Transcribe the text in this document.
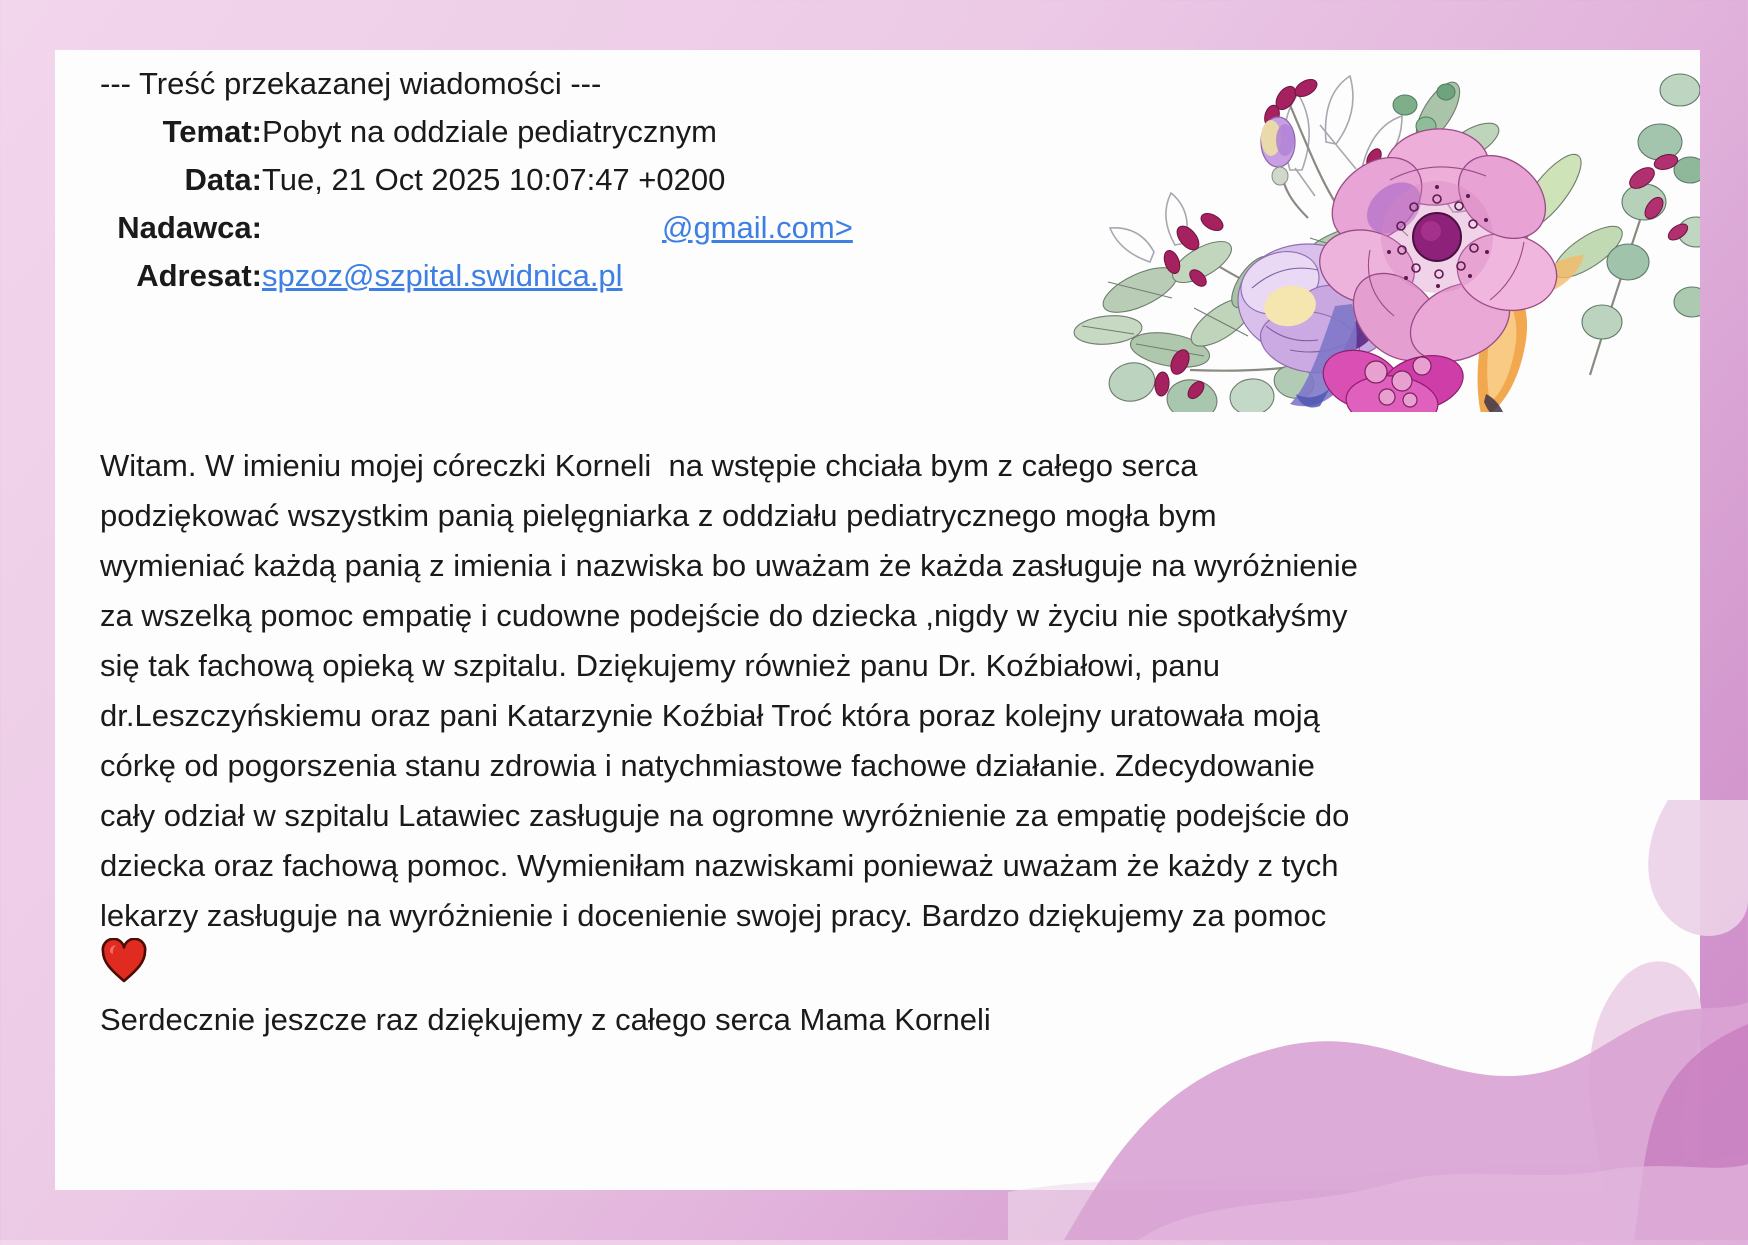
--- Treść przekazanej wiadomości ---
Temat: Pobyt na oddziale pediatrycznym
Data: Tue, 21 Oct 2025 10:07:47 +0200
Nadawca:	@gmail.com>
Adresat: spzoz@szpital.swidnica.pl
Witam. W imieniu mojej córeczki Korneli  na wstępie chciała bym z całego serca
podziękować wszystkim panią pielęgniarka z oddziału pediatrycznego mogła bym
wymieniać każdą panią z imienia i nazwiska bo uważam że każda zasługuje na wyróżnienie
za wszelką pomoc empatię i cudowne podejście do dziecka ,nigdy w życiu nie spotkałyśmy
się tak fachową opieką w szpitalu. Dziękujemy również panu Dr. Koźbiałowi, panu
dr.Leszczyńskiemu oraz pani Katarzynie Koźbiał Troć która poraz kolejny uratowała moją
córkę od pogorszenia stanu zdrowia i natychmiastowe fachowe działanie. Zdecydowanie
cały odział w szpitalu Latawiec zasługuje na ogromne wyróżnienie za empatię podejście do
dziecka oraz fachową pomoc. Wymieniłam nazwiskami ponieważ uważam że każdy z tych
lekarzy zasługuje na wyróżnienie i docenienie swojej pracy. Bardzo dziękujemy za pomoc
Serdecznie jeszcze raz dziękujemy z całego serca Mama Korneli
